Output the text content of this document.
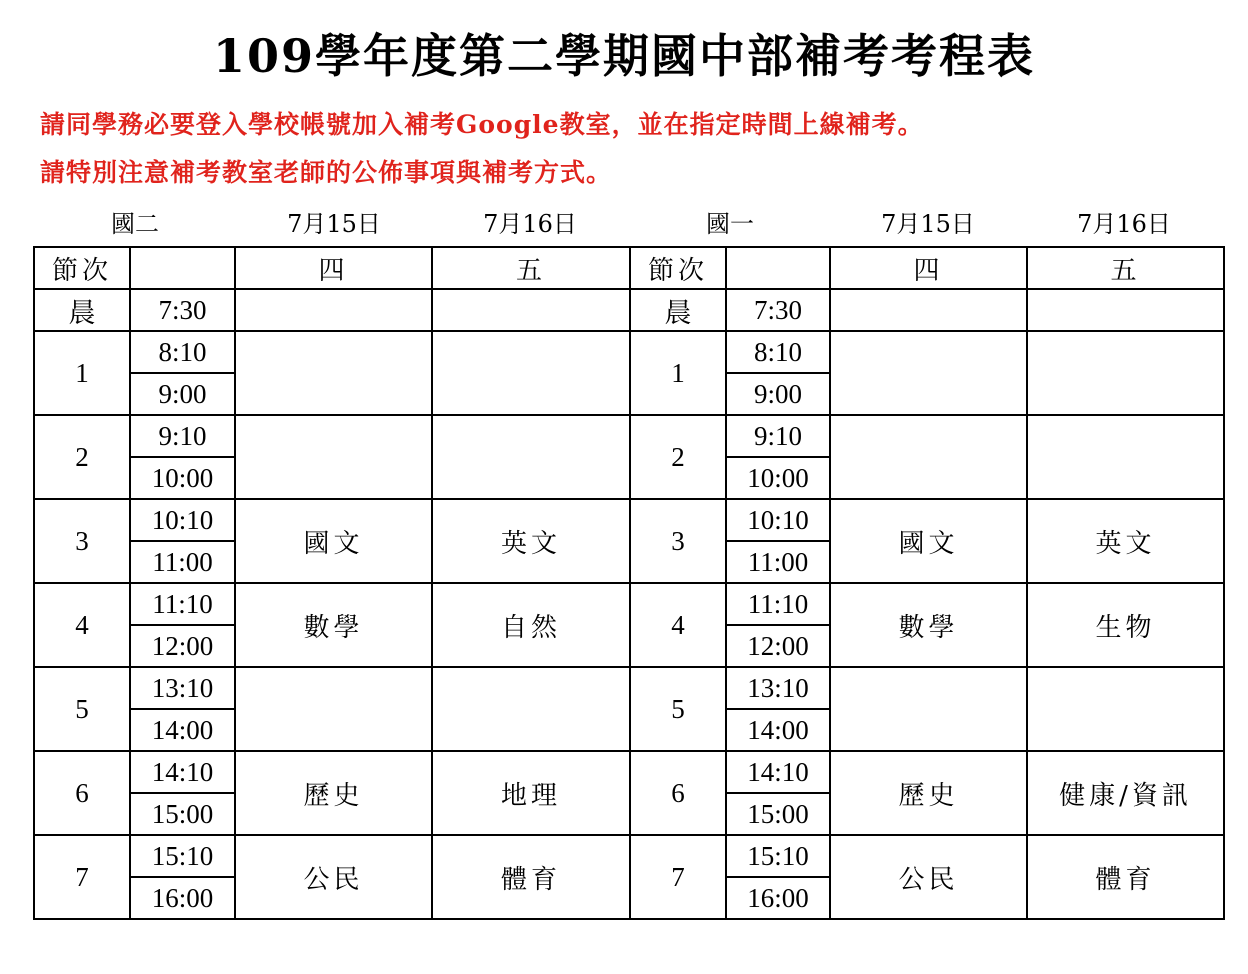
109學年度第二學期國中部補考考程表
請同學務必要登入學校帳號加入補考Google教室，並在指定時間上線補考。
請特別注意補考教室老師的公佈事項與補考方式。
國二	7月15日	7月16日	國一	7月15日	7月16日
節次		四	五	節次		四	五
晨	7:30			晨	7:30		
1	8:10			1	8:10		
	9:00				9:00		
2	9:10			2	9:10		
	10:00				10:00		
3	10:10	國文	英文	3	10:10	國文	英文
	11:00				11:00		
4	11:10	數學	自然	4	11:10	數學	生物
	12:00				12:00		
5	13:10			5	13:10		
	14:00				14:00		
6	14:10	歷史	地理	6	14:10	歷史	健康/資訊
	15:00				15:00		
7	15:10	公民	體育	7	15:10	公民	體育
	16:00				16:00		
